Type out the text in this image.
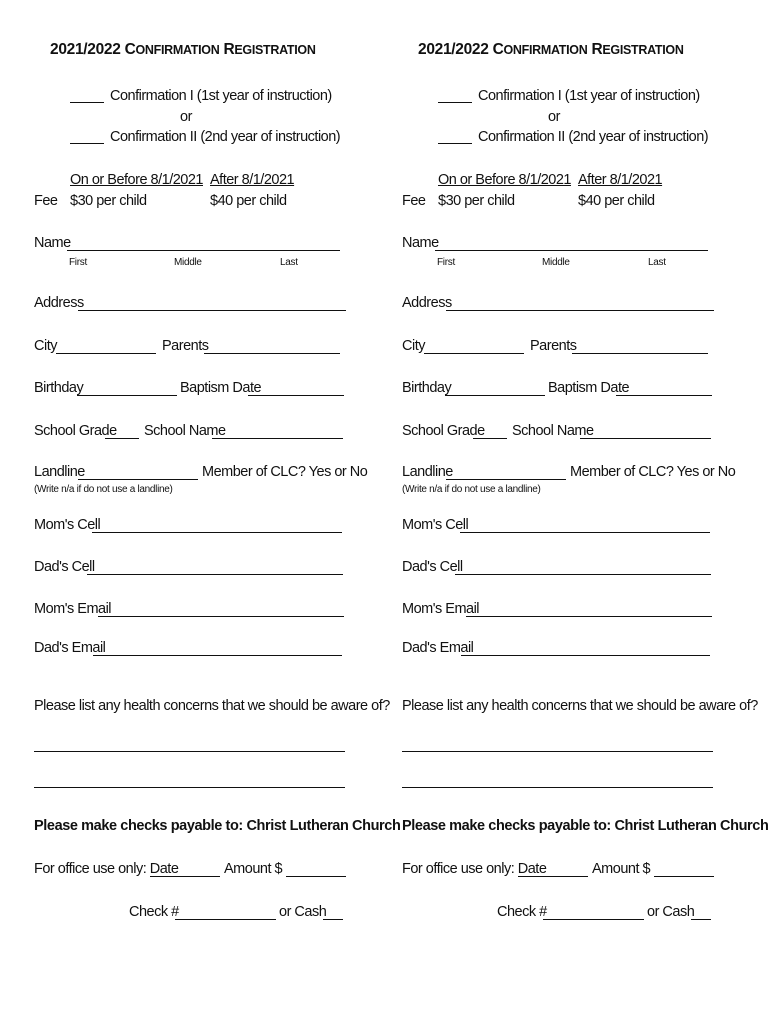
2021/2022 CONFIRMATION REGISTRATION
Confirmation I (1st year of instruction)
or
Confirmation II (2nd year of instruction)
On or Before 8/1/2021 After 8/1/2021
Fee $30 per child	$40 per child
Name
First	Middle	Last
Address
City	Parents
Birthday	Baptism Date
School Grade School Name
Landline	Member of CLC? Yes or No
(Write n/a if do not use a landline)
Mom's Cell
Dad's Cell
Mom's Email
Dad's Email
Please list any health concerns that we should be aware of?
Please make checks payable to: Christ Lutheran Church
For office use only: Date	Amount $
Check #	or Cash
2021/2022 CONFIRMATION REGISTRATION
Confirmation I (1st year of instruction)
or
Confirmation II (2nd year of instruction)
On or Before 8/1/2021 After 8/1/2021
Fee $30 per child	$40 per child
Name
First	Middle	Last
Address
City	Parents
Birthday	Baptism Date
School Grade School Name
Landline	Member of CLC? Yes or No
(Write n/a if do not use a landline)
Mom's Cell
Dad's Cell
Mom's Email
Dad's Email
Please list any health concerns that we should be aware of?
Please make checks payable to: Christ Lutheran Church
For office use only: Date	Amount $
Check #	or Cash
